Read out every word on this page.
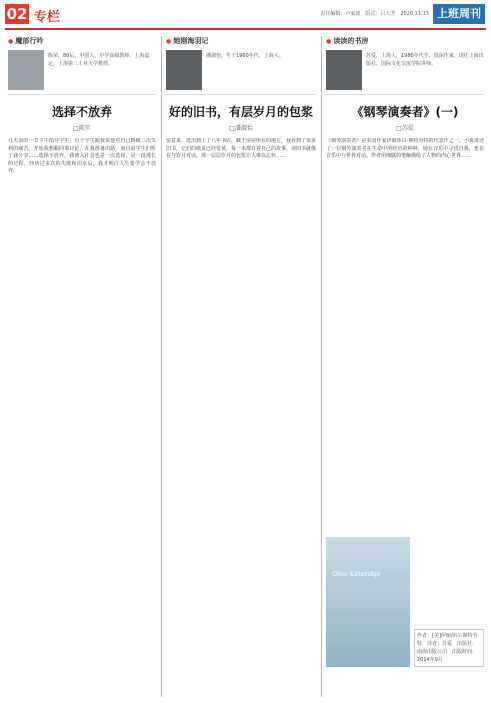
02 专栏	责任编辑：卢家波　版式：吕大芳　2020.11.13 上班周刊
● 魔部行吟
陈荣，80后，中国人，中学高级教师，上海嘉定，上海第二工业大学教授。
选择不放弃
□陈实
几天前的一节下午指导学生，有个学生跟我说他对自己四级三次失利的痛苦，开始我想跟同事讨论。在我准备出路，而目前学生们听了我分享……选择不放弃。我初入社会也是一次选择，是一段漫长的过程，经历过多次的失败和泪水后，我才明白人生要学会不放弃。
● 她刚海羽记
潘淑怡，生于1960年代，上海人。
好的旧书，有层岁月的包浆
□潘淑怡
留意来，选出到上了八年书店，藏于房屋所在的地方，我看到了很多旧书，它们的纸页已经发黄，每一本都有着自己的故事。读旧书就像在与岁月对话，那一层层岁月的包浆让人难以忘怀……
● 读读的书房
苏爱，上海人，1980年代生，资深作家，现任上海出版社、国际文化交流学院讲师。
《钢琴演奏者》(一)
□苏爱
《钢琴演奏者》是美国作家伊丽莎白·斯特劳特的代表作之一，小说讲述了一位钢琴演奏者在生命中所经历的种种，她在音乐中寻找自我，也在音乐中与世界对话。作者用细腻的笔触描绘了人物的内心世界……
Olive Kitteridge
作者：[美]伊丽莎白·斯特劳特　译者：苏爱　出版社：南海出版公司　出版时间：2014年9月
